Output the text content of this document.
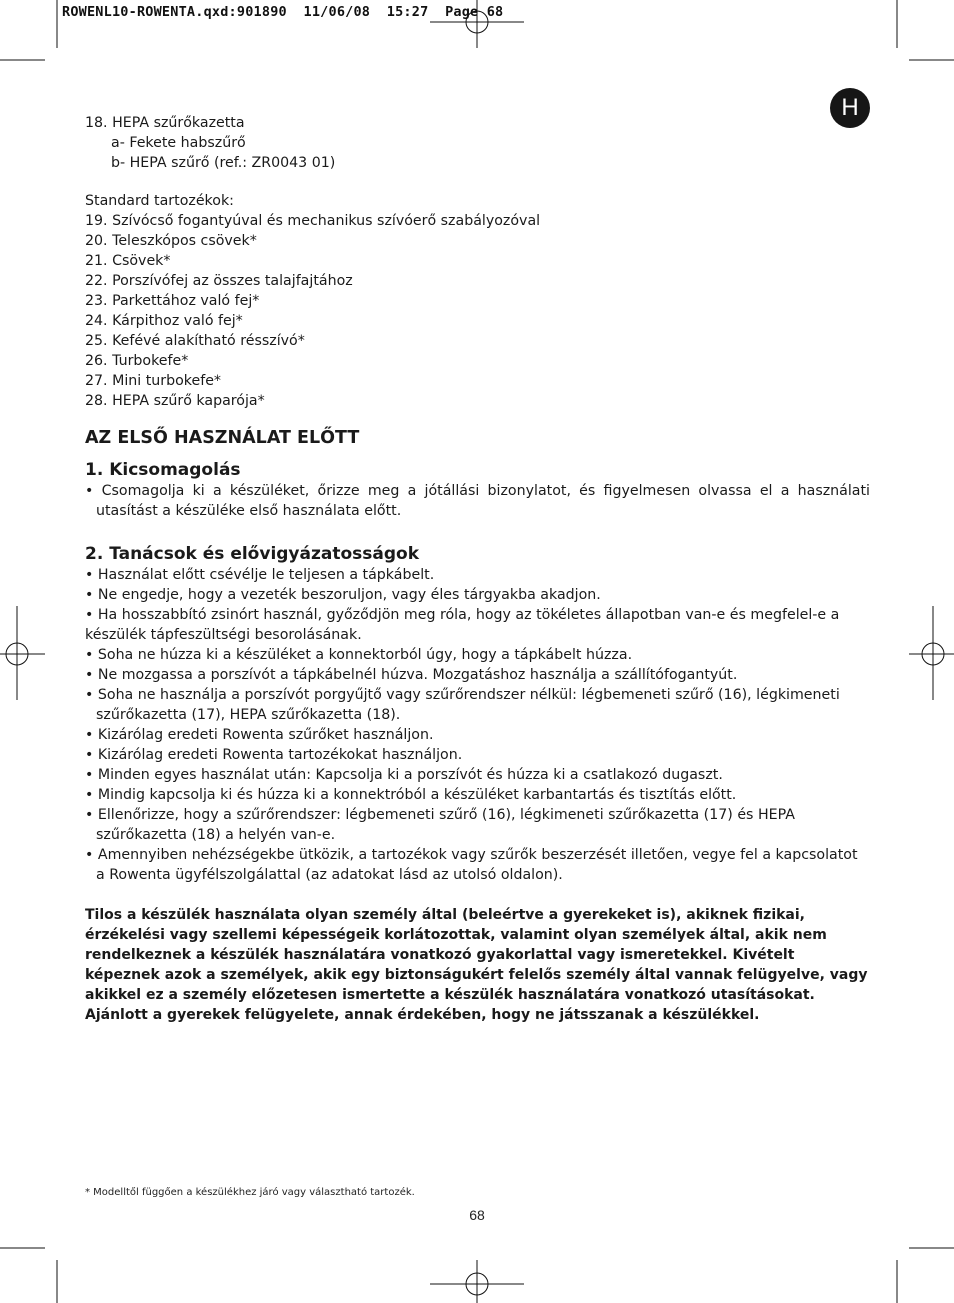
ROWENL10-ROWENTA.qxd:901890  11/06/08  15:27  Page 68
H

18. HEPA szűrőkazetta

a- Fekete habszűrő

b- HEPA szűrő (ref.: ZR0043 01)

Standard tartozékok:

19. Szívócső fogantyúval és mechanikus szívóerő szabályozóval

20. Teleszkópos csövek*

21. Csövek*

22. Porszívófej az összes talajfajtához

23. Parkettához való fej*

24. Kárpithoz való fej*

25. Kefévé alakítható résszívó*

26. Turbokefe*

27. Mini turbokefe*

28. HEPA szűrő kaparója*

AZ ELSŐ HASZNÁLAT ELŐTT
1. Kicsomagolás

• Csomagolja ki a készüléket, őrizze meg a jótállási bizonylatot, és figyelmesen olvassa el a használati utasítást a készüléke első használata előtt.

2. Tanácsok és elővigyázatosságok

• Használat előtt csévélje le teljesen a tápkábelt.

• Ne engedje, hogy a vezeték beszoruljon, vagy éles tárgyakba akadjon.

• Ha hosszabbító zsinórt használ, győződjön meg róla, hogy az tökéletes állapotban van-e és megfelel-e a készülék tápfeszültségi besorolásának.

• Soha ne húzza ki a készüléket a konnektorból úgy, hogy a tápkábelt húzza.

• Ne mozgassa a porszívót a tápkábelnél húzva. Mozgatáshoz használja a szállítófogantyút.

• Soha ne használja a porszívót porgyűjtő vagy szűrőrendszer nélkül: légbemeneti szűrő (16), légkimeneti szűrőkazetta (17), HEPA szűrőkazetta (18).

• Kizárólag eredeti Rowenta szűrőket használjon.

• Kizárólag eredeti Rowenta tartozékokat használjon.

• Minden egyes használat után: Kapcsolja ki a porszívót és húzza ki a csatlakozó dugaszt.

• Mindig kapcsolja ki és húzza ki a konnektróból a készüléket karbantartás és tisztítás előtt.

• Ellenőrizze, hogy a szűrőrendszer: légbemeneti szűrő (16), légkimeneti szűrőkazetta (17) és HEPA szűrőkazetta (18) a helyén van-e.

• Amennyiben nehézségekbe ütközik, a tartozékok vagy szűrők beszerzését illetően, vegye fel a kapcsolatot a Rowenta ügyfélszolgálattal (az adatokat lásd az utolsó oldalon).

Tilos a készülék használata olyan személy által (beleértve a gyerekeket is), akiknek fizikai, érzékelési vagy szellemi képességeik korlátozottak, valamint olyan személyek által, akik nem rendelkeznek a készülék használatára vonatkozó gyakorlattal vagy ismeretekkel. Kivételt képeznek azok a személyek, akik egy biztonságukért felelős személy által vannak felügyelve, vagy akikkel ez a személy előzetesen ismertette a készülék használatára vonatkozó utasításokat. Ajánlott a gyerekek felügyelete, annak érdekében, hogy ne játsszanak a készülékkel.

* Modelltől függően a készülékhez járó vagy választható tartozék.
68
